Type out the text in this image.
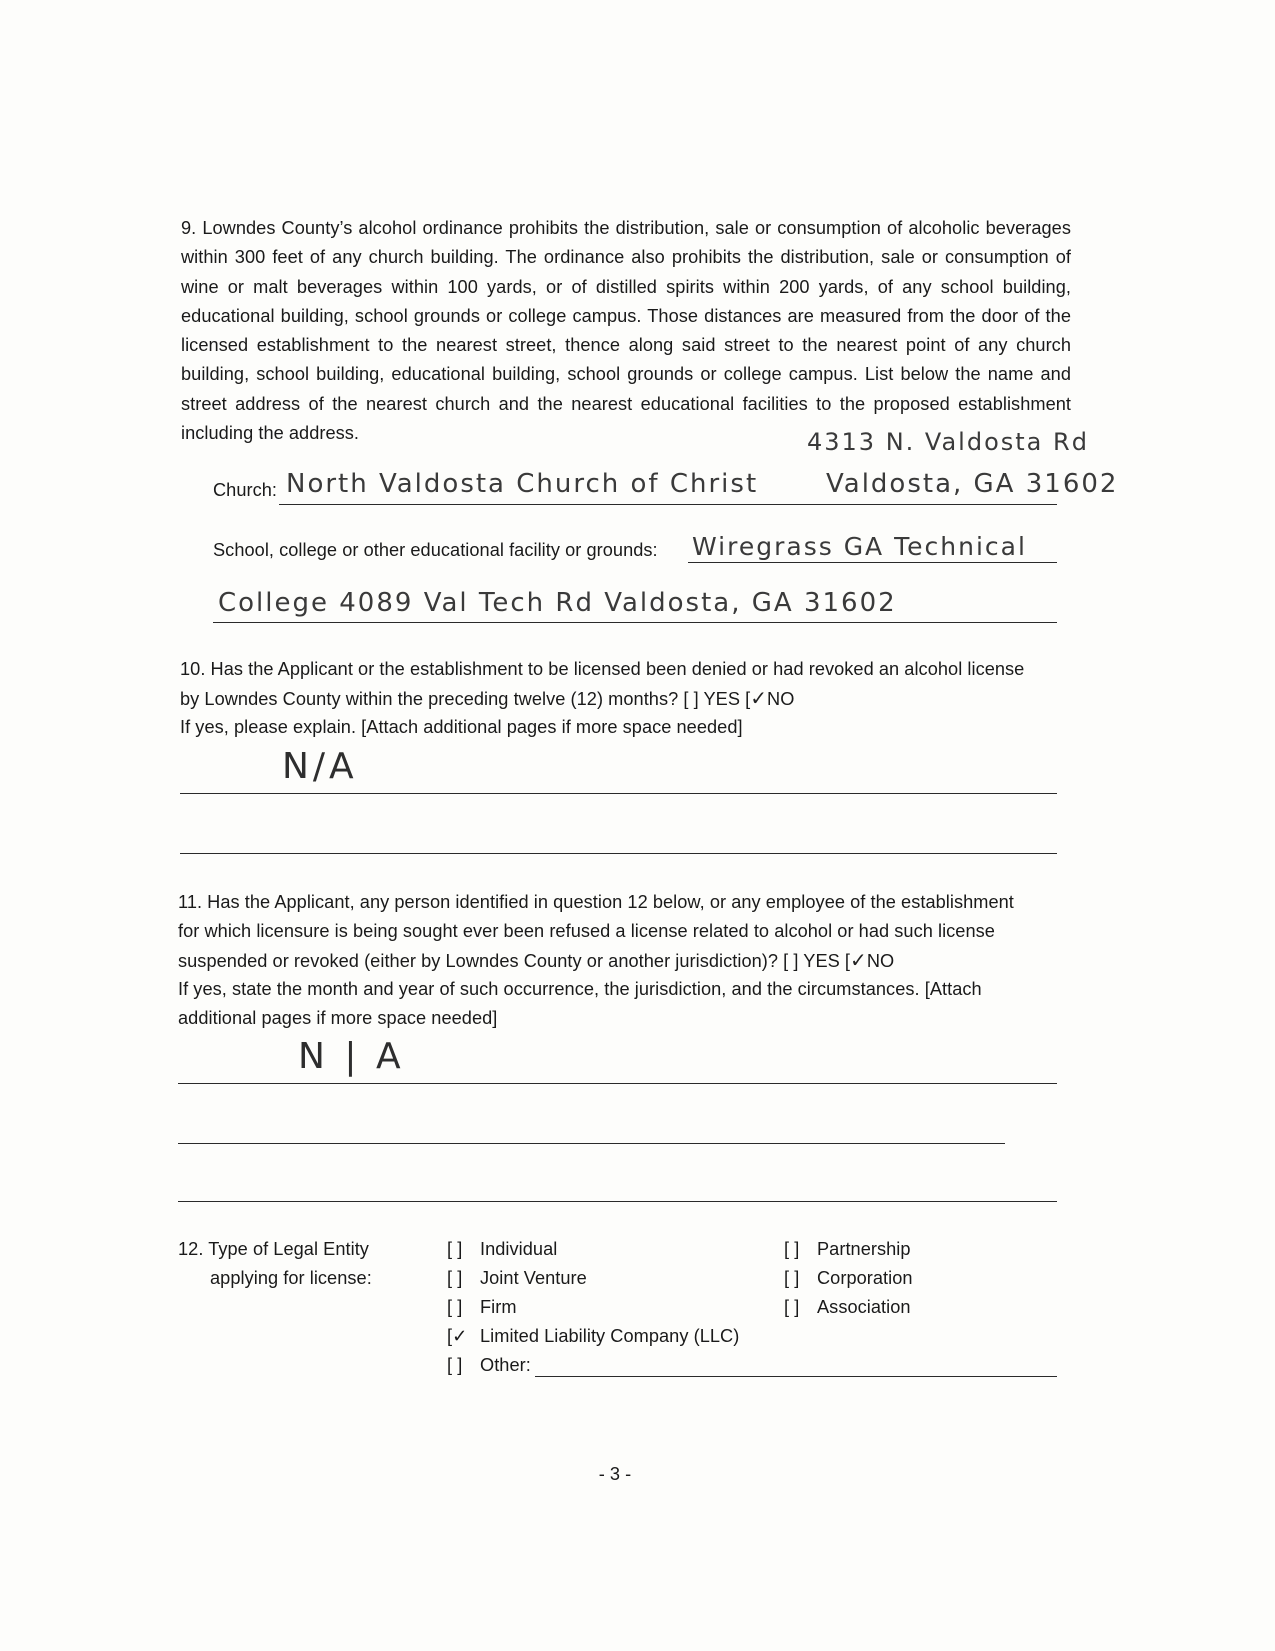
9. Lowndes County’s alcohol ordinance prohibits the distribution, sale or consumption of alcoholic beverages within 300 feet of any church building. The ordinance also prohibits the distribution, sale or consumption of wine or malt beverages within 100 yards, or of distilled spirits within 200 yards, of any school building, educational building, school grounds or college campus. Those distances are measured from the door of the licensed establishment to the nearest street, thence along said street to the nearest point of any church building, school building, educational building, school grounds or college campus. List below the name and street address of the nearest church and the nearest educational facilities to the proposed establishment including the address.	4313 N. Valdosta Rd
Church: North Valdosta Church of Christ	Valdosta, GA 31602
School, college or other educational facility or grounds: Wiregrass GA Technical
College 4089 Val Tech Rd Valdosta, GA 31602
10. Has the Applicant or the establishment to be licensed been denied or had revoked an alcohol license
by Lowndes County within the preceding twelve (12) months? [ ] YES [✓NO
If yes, please explain. [Attach additional pages if more space needed]
N/A
11. Has the Applicant, any person identified in question 12 below, or any employee of the establishment
for which licensure is being sought ever been refused a license related to alcohol or had such license
suspended or revoked (either by Lowndes County or another jurisdiction)? [ ] YES [✓NO
If yes, state the month and year of such occurrence, the jurisdiction, and the circumstances. [Attach
additional pages if more space needed]
N | A
12. Type of Legal Entity
applying for license:
[ ] Individual
[ ] Joint Venture
[ ] Firm
[✓ Limited Liability Company (LLC)
[ ] Other:
[ ] Partnership
[ ] Corporation
[ ] Association
- 3 -
